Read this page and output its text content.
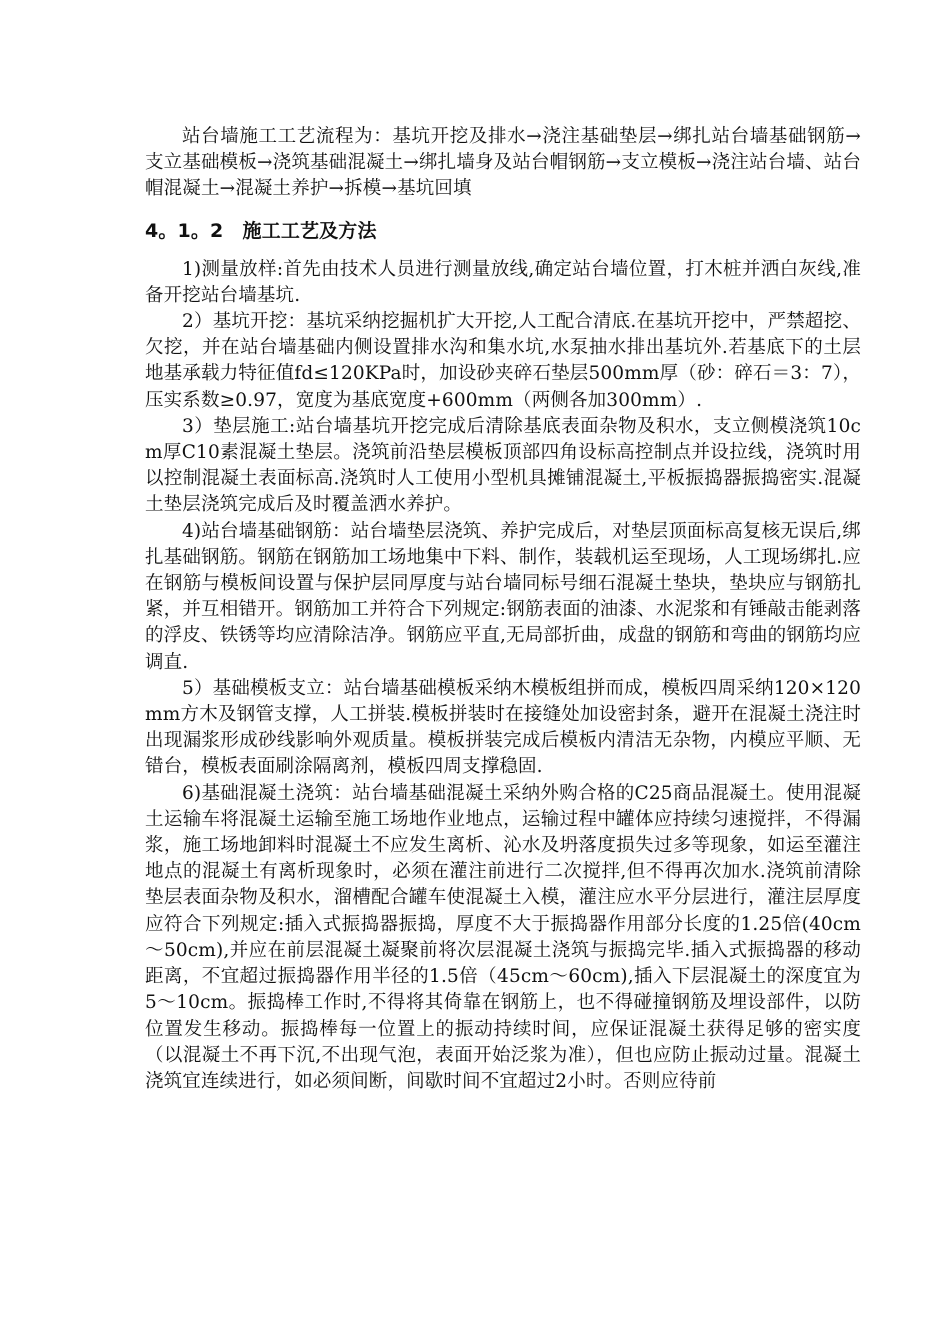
站台墙施工工艺流程为：基坑开挖及排水→浇注基础垫层→绑扎站台墙基础钢筋→支立基础模板→浇筑基础混凝土→绑扎墙身及站台帽钢筋→支立模板→浇注站台墙、站台帽混凝土→混凝土养护→拆模→基坑回填

4。1。2　施工工艺及方法

1)测量放样:首先由技术人员进行测量放线,确定站台墙位置，打木桩并洒白灰线,准备开挖站台墙基坑.

2）基坑开挖：基坑采纳挖掘机扩大开挖,人工配合清底.在基坑开挖中，严禁超挖、欠挖，并在站台墙基础内侧设置排水沟和集水坑,水泵抽水排出基坑外.若基底下的土层地基承载力特征值fd≤120KPa时，加设砂夹碎石垫层500mm厚（砂：碎石＝3：7），压实系数≥0.97，宽度为基底宽度+600mm（两侧各加300mm）.

3）垫层施工:站台墙基坑开挖完成后清除基底表面杂物及积水，支立侧模浇筑10cm厚C10素混凝土垫层。浇筑前沿垫层模板顶部四角设标高控制点并设拉线，浇筑时用以控制混凝土表面标高.浇筑时人工使用小型机具摊铺混凝土,平板振捣器振捣密实.混凝土垫层浇筑完成后及时覆盖洒水养护。

4)站台墙基础钢筋：站台墙垫层浇筑、养护完成后，对垫层顶面标高复核无误后,绑扎基础钢筋。钢筋在钢筋加工场地集中下料、制作，装载机运至现场，人工现场绑扎.应在钢筋与模板间设置与保护层同厚度与站台墙同标号细石混凝土垫块，垫块应与钢筋扎紧，并互相错开。钢筋加工并符合下列规定:钢筋表面的油漆、水泥浆和有锤敲击能剥落的浮皮、铁锈等均应清除洁净。钢筋应平直,无局部折曲，成盘的钢筋和弯曲的钢筋均应调直.

5）基础模板支立：站台墙基础模板采纳木模板组拼而成，模板四周采纳120×120mm方木及钢管支撑，人工拼装.模板拼装时在接缝处加设密封条，避开在混凝土浇注时出现漏浆形成砂线影响外观质量。模板拼装完成后模板内清洁无杂物，内模应平顺、无错台，模板表面刷涂隔离剂，模板四周支撑稳固.

6)基础混凝土浇筑：站台墙基础混凝土采纳外购合格的C25商品混凝土。使用混凝土运输车将混凝土运输至施工场地作业地点，运输过程中罐体应持续匀速搅拌，不得漏浆，施工场地卸料时混凝土不应发生离析、沁水及坍落度损失过多等现象，如运至灌注地点的混凝土有离析现象时，必须在灌注前进行二次搅拌,但不得再次加水.浇筑前清除垫层表面杂物及积水，溜槽配合罐车使混凝土入模，灌注应水平分层进行，灌注层厚度应符合下列规定:插入式振捣器振捣，厚度不大于振捣器作用部分长度的1.25倍(40cm～50cm),并应在前层混凝土凝聚前将次层混凝土浇筑与振捣完毕.插入式振捣器的移动距离，不宜超过振捣器作用半径的1.5倍（45cm～60cm),插入下层混凝土的深度宜为5～10cm。振捣棒工作时,不得将其倚靠在钢筋上，也不得碰撞钢筋及埋设部件，以防位置发生移动。振捣棒每一位置上的振动持续时间，应保证混凝土获得足够的密实度（以混凝土不再下沉,不出现气泡，表面开始泛浆为准），但也应防止振动过量。混凝土浇筑宜连续进行，如必须间断，间歇时间不宜超过2小时。否则应待前
